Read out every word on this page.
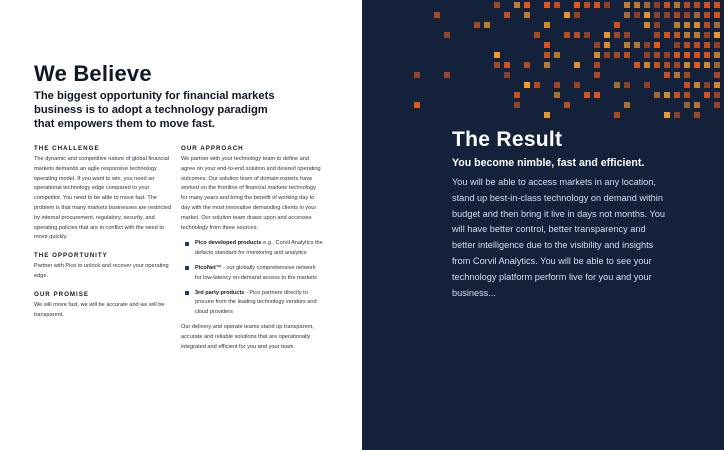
We Believe
The biggest opportunity for financial markets business is to adopt a technology paradigm that empowers them to move fast.
THE CHALLENGE
The dynamic and competitive nature of global financial markets demands an agile responsive technology operating model. If you want to win, you need an operational technology edge compared to your competitor. You need to be able to move fast. The problem is that many markets businesses are restricted by internal procurement, regulatory, security, and operating policies that are in conflict with the need to move quickly.
THE OPPORTUNITY
Partner with Pico to unlock and recover your operating edge.
OUR PROMISE
We will move fast, we will be accurate and we will be transparent.
OUR APPROACH
We partner with your technology team to define and agree on your end-to-end solution and desired operating outcomes. Our solution team of domain experts have worked on the frontline of financial markets technology for many years and bring the benefit of working day to day with the most innovative demanding clients in your market. Our solution team draws upon and accesses technology from three sources:
Pico developed products e.g., Corvil Analytics the defacto standard for monitoring and analytics
PicoNet™ - our globally comprehensive network for low-latency on-demand access to the markets
3rd party products - Pico partners directly to procure from the leading technology vendors and cloud providers
Our delivery and operate teams stand up transparent, accurate and reliable solutions that are operationally integrated and efficient for you and your team.
The Result
You become nimble, fast and efficient.
You will be able to access markets in any location, stand up best-in-class technology on demand within budget and then bring it live in days not months. You will have better control, better transparency and better intelligence due to the visibility and insights from Corvil Analytics. You will be able to see your technology platform perform live for you and your business...
